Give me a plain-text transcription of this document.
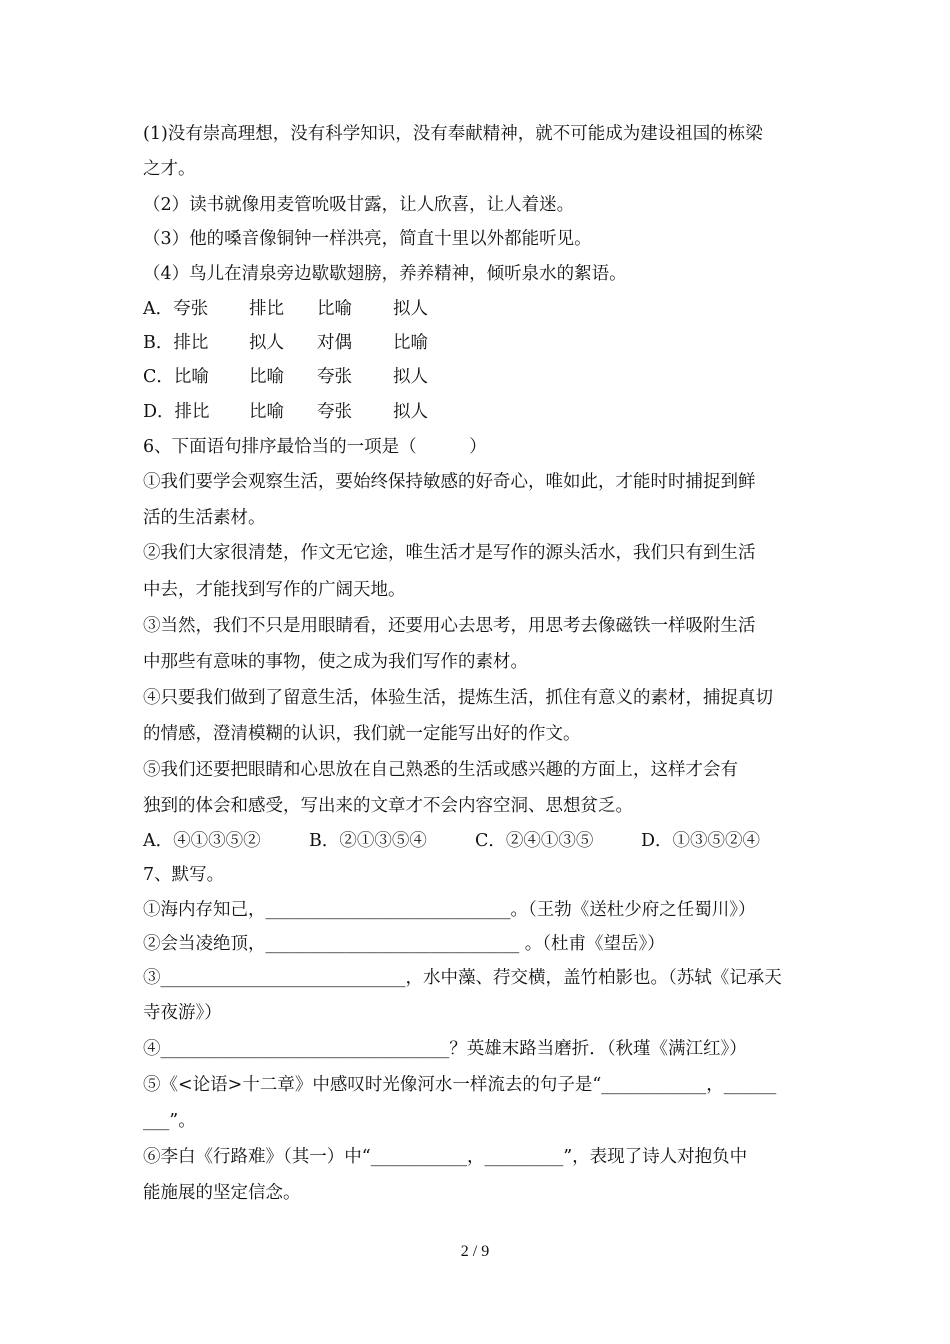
(1)没有崇高理想，没有科学知识，没有奉献精神，就不可能成为建设祖国的栋梁
之才。
（2）读书就像用麦管吮吸甘露，让人欣喜，让人着迷。
（3）他的嗓音像铜钟一样洪亮，简直十里以外都能听见。
（4）鸟儿在清泉旁边歇歇翅膀，养养精神，倾听泉水的絮语。
A．夸张 排比 比喻 拟人
B．排比 拟人 对偶 比喻
C．比喻 比喻 夸张 拟人
D．排比 比喻 夸张 拟人
6、下面语句排序最恰当的一项是（　　　）
①我们要学会观察生活，要始终保持敏感的好奇心，唯如此，才能时时捕捉到鲜
活的生活素材。
②我们大家很清楚，作文无它途，唯生活才是写作的源头活水，我们只有到生活
中去，才能找到写作的广阔天地。
③当然，我们不只是用眼睛看，还要用心去思考，用思考去像磁铁一样吸附生活
中那些有意味的事物，使之成为我们写作的素材。
④只要我们做到了留意生活，体验生活，提炼生活，抓住有意义的素材，捕捉真切
的情感，澄清模糊的认识，我们就一定能写出好的作文。
⑤我们还要把眼睛和心思放在自己熟悉的生活或感兴趣的方面上，这样才会有
独到的体会和感受，写出来的文章才不会内容空洞、思想贫乏。
A．④①③⑤②	B．②①③⑤④	C．②④①③⑤	D．①③⑤②④
7、默写。
①海内存知己，____________________________。（王勃《送杜少府之任蜀川》）
②会当凌绝顶，_____________________________ 。（杜甫《望岳》）
③____________________________，水中藻、荇交横，盖竹柏影也。（苏轼《记承天
寺夜游》）
④_________________________________？英雄末路当磨折．（秋瑾《满江红》）
⑤《<论语>十二章》中感叹时光像河水一样流去的句子是“____________，______
___”。
⑥李白《行路难》（其一）中“___________，_________”，表现了诗人对抱负中
能施展的坚定信念。
2 / 9
